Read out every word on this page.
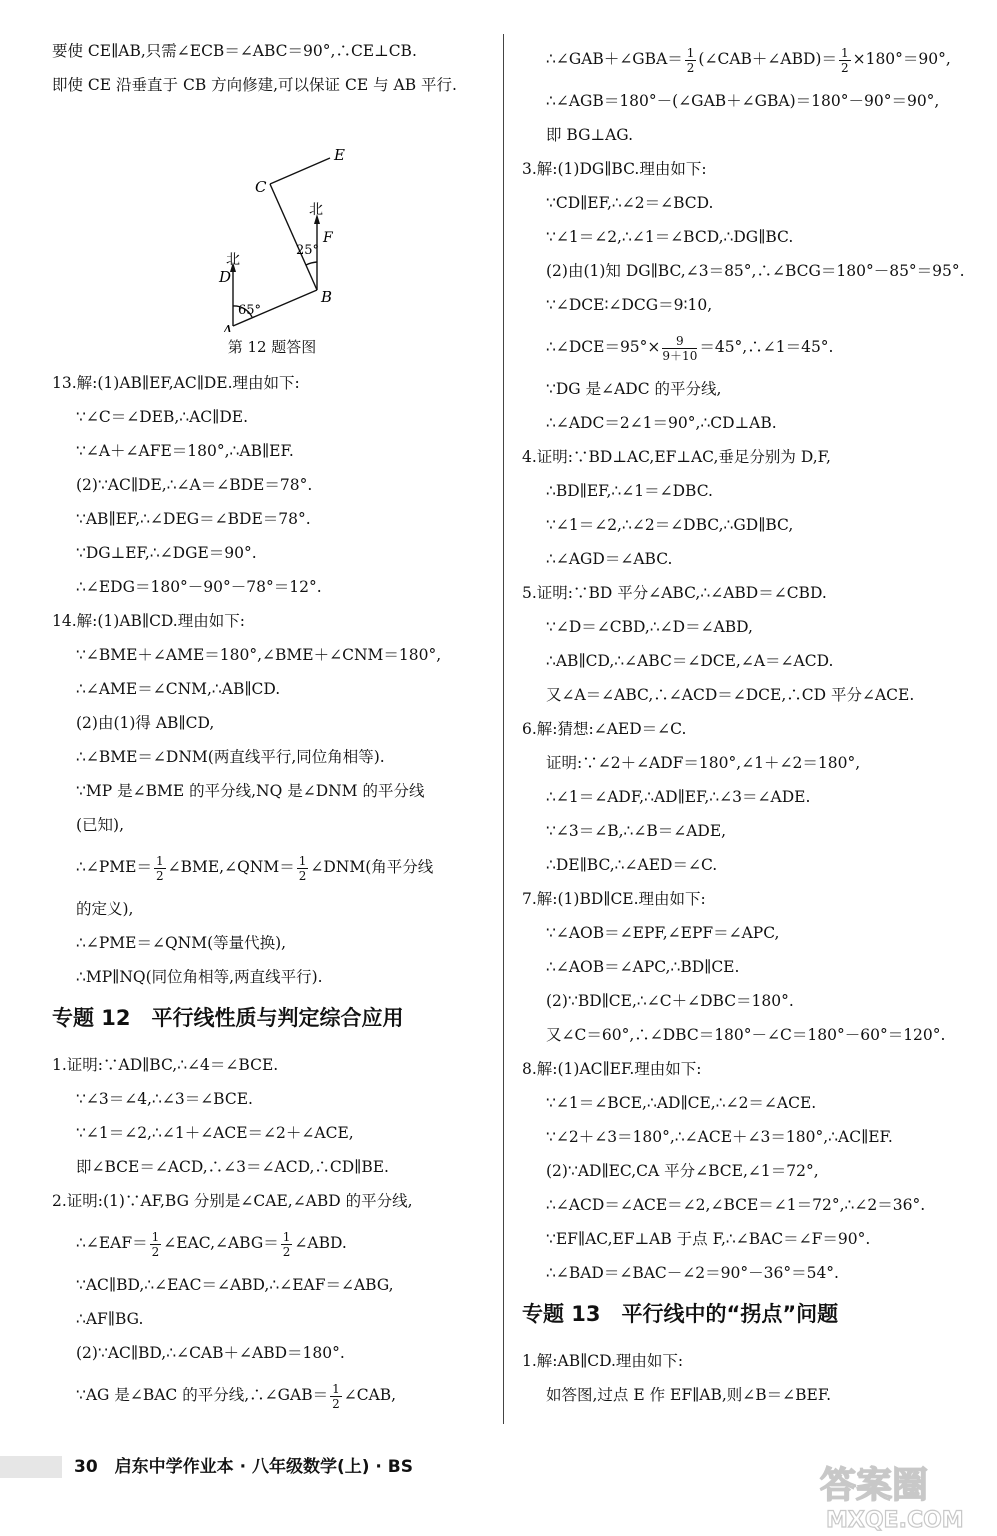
要使 CE∥AB,只需∠ECB＝∠ABC＝90°,∴CE⊥CB.
即使 CE 沿垂直于 CB 方向修建,可以保证 CE 与 AB 平行.
A
B
C
E
D
F
北
北
65°
25°
第 12 题答图
13.解:(1)AB∥EF,AC∥DE.理由如下:
∵∠C＝∠DEB,∴AC∥DE.
∵∠A＋∠AFE＝180°,∴AB∥EF.
(2)∵AC∥DE,∴∠A＝∠BDE＝78°.
∵AB∥EF,∴∠DEG＝∠BDE＝78°.
∵DG⊥EF,∴∠DGE＝90°.
∴∠EDG＝180°－90°－78°＝12°.
14.解:(1)AB∥CD.理由如下:
∵∠BME＋∠AME＝180°,∠BME＋∠CNM＝180°,
∴∠AME＝∠CNM,∴AB∥CD.
(2)由(1)得 AB∥CD,
∴∠BME＝∠DNM(两直线平行,同位角相等).
∵MP 是∠BME 的平分线,NQ 是∠DNM 的平分线
(已知),
∴∠PME＝ $\frac{1}{2}$ ∠BME,∠QNM＝ $\frac{1}{2}$ ∠DNM(角平分线
的定义),
∴∠PME＝∠QNM(等量代换),
∴MP∥NQ(同位角相等,两直线平行).
专题 12　平行线性质与判定综合应用
1.证明:∵AD∥BC,∴∠4＝∠BCE.
∵∠3＝∠4,∴∠3＝∠BCE.
∵∠1＝∠2,∴∠1＋∠ACE＝∠2＋∠ACE,
即∠BCE＝∠ACD,∴∠3＝∠ACD,∴CD∥BE.
2.证明:(1)∵AF,BG 分别是∠CAE,∠ABD 的平分线,
∴∠EAF＝ $\frac{1}{2}$ ∠EAC,∠ABG＝ $\frac{1}{2}$ ∠ABD.
∵AC∥BD,∴∠EAC＝∠ABD,∴∠EAF＝∠ABG,
∴AF∥BG.
(2)∵AC∥BD,∴∠CAB＋∠ABD＝180°.
∵AG 是∠BAC 的平分线,∴∠GAB＝ $\frac{1}{2}$ ∠CAB,
∴∠GAB＋∠GBA＝ $\frac{1}{2}$ (∠CAB＋∠ABD)＝ $\frac{1}{2} \times 180^\circ=90^\circ$,
∴∠AGB＝180°－(∠GAB＋∠GBA)＝180°－90°＝90°,
即 BG⊥AG.
3.解:(1)DG∥BC.理由如下:
∵CD∥EF,∴∠2＝∠BCD.
∵∠1＝∠2,∴∠1＝∠BCD,∴DG∥BC.
(2)由(1)知 DG∥BC,∠3＝85°,∴∠BCG＝180°－85°＝95°.
∵∠DCE∶∠DCG＝9∶10,
∴∠DCE＝95°× $\frac{9}{9+10}$ ＝45°,∴∠1＝45°.
∵DG 是∠ADC 的平分线,
∴∠ADC＝2∠1＝90°,∴CD⊥AB.
4.证明:∵BD⊥AC,EF⊥AC,垂足分别为 D,F,
∴BD∥EF,∴∠1＝∠DBC.
∵∠1＝∠2,∴∠2＝∠DBC,∴GD∥BC,
∴∠AGD＝∠ABC.
5.证明:∵BD 平分∠ABC,∴∠ABD＝∠CBD.
∵∠D＝∠CBD,∴∠D＝∠ABD,
∴AB∥CD,∴∠ABC＝∠DCE,∠A＝∠ACD.
又∠A＝∠ABC,∴∠ACD＝∠DCE,∴CD 平分∠ACE.
6.解:猜想:∠AED＝∠C.
证明:∵∠2＋∠ADF＝180°,∠1＋∠2＝180°,
∴∠1＝∠ADF,∴AD∥EF,∴∠3＝∠ADE.
∵∠3＝∠B,∴∠B＝∠ADE,
∴DE∥BC,∴∠AED＝∠C.
7.解:(1)BD∥CE.理由如下:
∵∠AOB＝∠EPF,∠EPF＝∠APC,
∴∠AOB＝∠APC,∴BD∥CE.
(2)∵BD∥CE,∴∠C＋∠DBC＝180°.
又∠C＝60°,∴∠DBC＝180°－∠C＝180°－60°＝120°.
8.解:(1)AC∥EF.理由如下:
∵∠1＝∠BCE,∴AD∥CE,∴∠2＝∠ACE.
∵∠2＋∠3＝180°,∴∠ACE＋∠3＝180°,∴AC∥EF.
(2)∵AD∥EC,CA 平分∠BCE,∠1＝72°,
∴∠ACD＝∠ACE＝∠2,∠BCE＝∠1＝72°,∴∠2＝36°.
∵EF∥AC,EF⊥AB 于点 F,∴∠BAC＝∠F＝90°.
∴∠BAD＝∠BAC－∠2＝90°－36°＝54°.
专题 13　平行线中的“拐点”问题
1.解:AB∥CD.理由如下:
如答图,过点 E 作 EF∥AB,则∠B＝∠BEF.
30　启东中学作业本 · 八年级数学(上) · BS	答案圈
MXQE.COM
